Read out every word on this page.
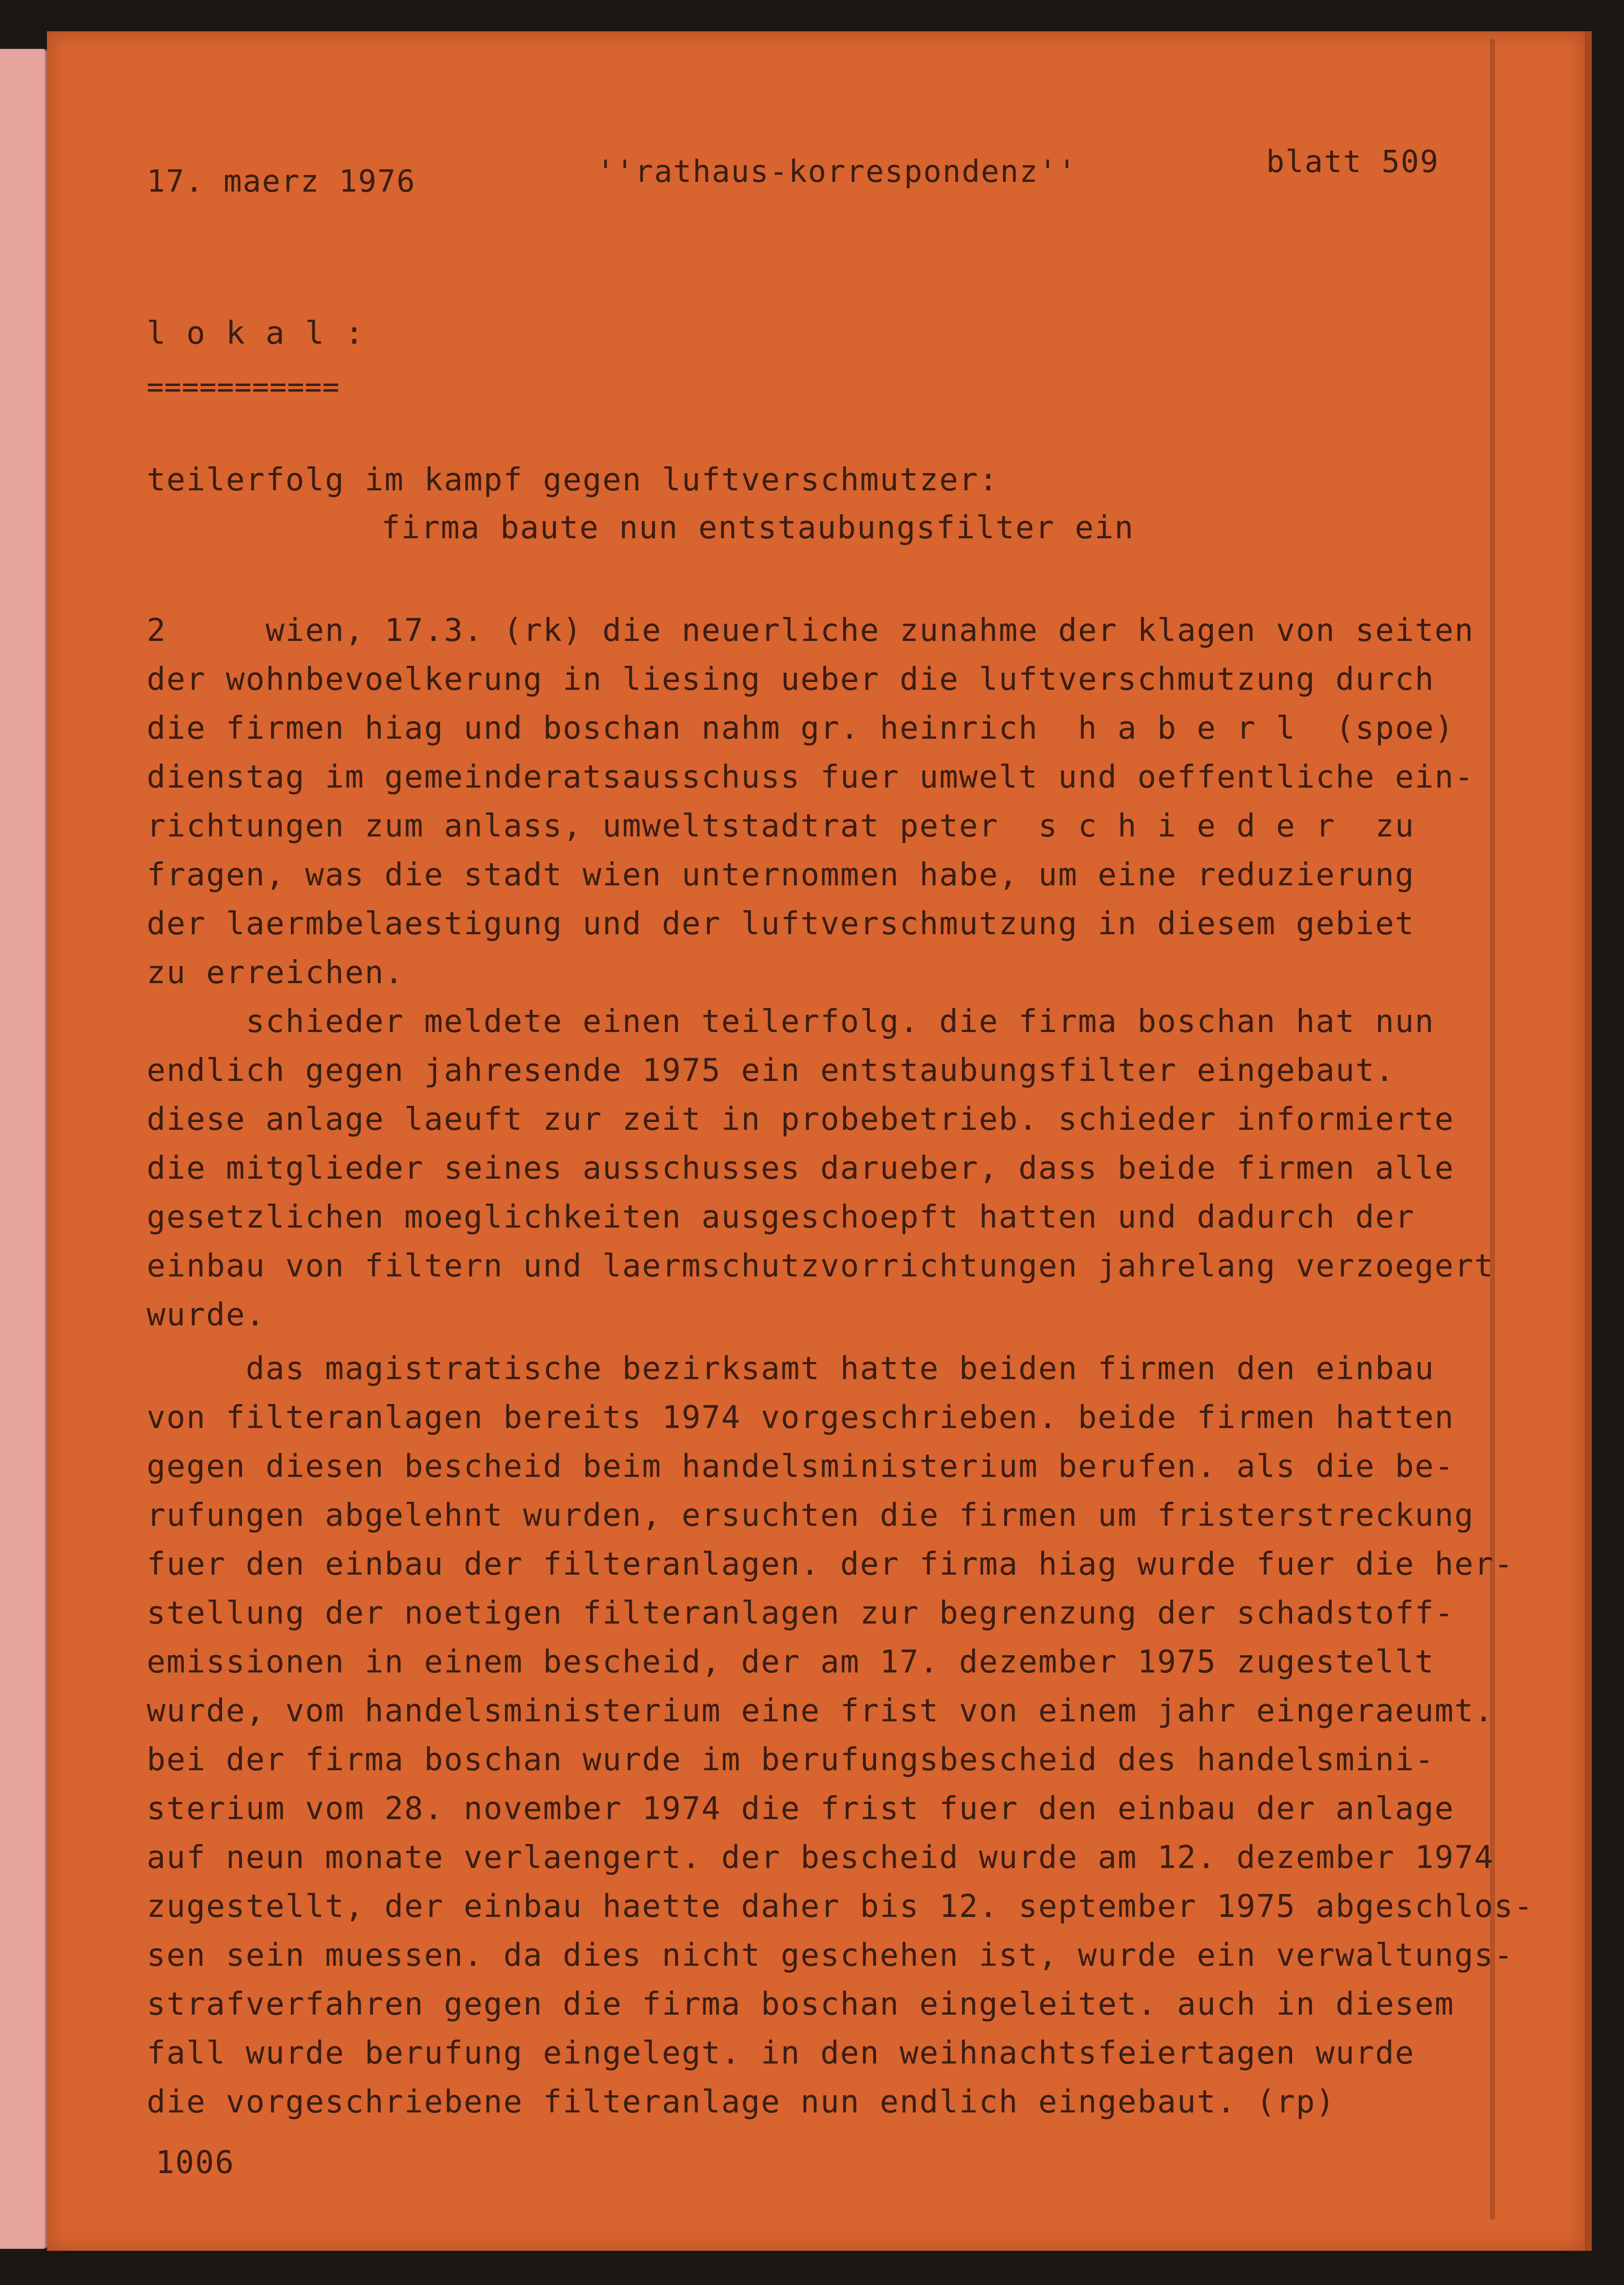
17. maerz 1976	''rathaus-korrespondenz''	blatt 509

l o k a l :

===========

teilerfolg im kampf gegen luftverschmutzer:

firma baute nun entstaubungsfilter ein

2     wien, 17.3. (rk) die neuerliche zunahme der klagen von seiten

der wohnbevoelkerung in liesing ueber die luftverschmutzung durch

die firmen hiag und boschan nahm gr. heinrich  h a b e r l  (spoe)

dienstag im gemeinderatsausschuss fuer umwelt und oeffentliche ein-

richtungen zum anlass, umweltstadtrat peter  s c h i e d e r  zu

fragen, was die stadt wien unternommen habe, um eine reduzierung

der laermbelaestigung und der luftverschmutzung in diesem gebiet

zu erreichen.

schieder meldete einen teilerfolg. die firma boschan hat nun

endlich gegen jahresende 1975 ein entstaubungsfilter eingebaut.

diese anlage laeuft zur zeit in probebetrieb. schieder informierte

die mitglieder seines ausschusses darueber, dass beide firmen alle

gesetzlichen moeglichkeiten ausgeschoepft hatten und dadurch der

einbau von filtern und laermschutzvorrichtungen jahrelang verzoegert

wurde.

das magistratische bezirksamt hatte beiden firmen den einbau

von filteranlagen bereits 1974 vorgeschrieben. beide firmen hatten

gegen diesen bescheid beim handelsministerium berufen. als die be-

rufungen abgelehnt wurden, ersuchten die firmen um fristerstreckung

fuer den einbau der filteranlagen. der firma hiag wurde fuer die her-

stellung der noetigen filteranlagen zur begrenzung der schadstoff-

emissionen in einem bescheid, der am 17. dezember 1975 zugestellt

wurde, vom handelsministerium eine frist von einem jahr eingeraeumt.

bei der firma boschan wurde im berufungsbescheid des handelsmini-

sterium vom 28. november 1974 die frist fuer den einbau der anlage

auf neun monate verlaengert. der bescheid wurde am 12. dezember 1974

zugestellt, der einbau haette daher bis 12. september 1975 abgeschlos-

sen sein muessen. da dies nicht geschehen ist, wurde ein verwaltungs-

strafverfahren gegen die firma boschan eingeleitet. auch in diesem

fall wurde berufung eingelegt. in den weihnachtsfeiertagen wurde

die vorgeschriebene filteranlage nun endlich eingebaut. (rp)

1006
